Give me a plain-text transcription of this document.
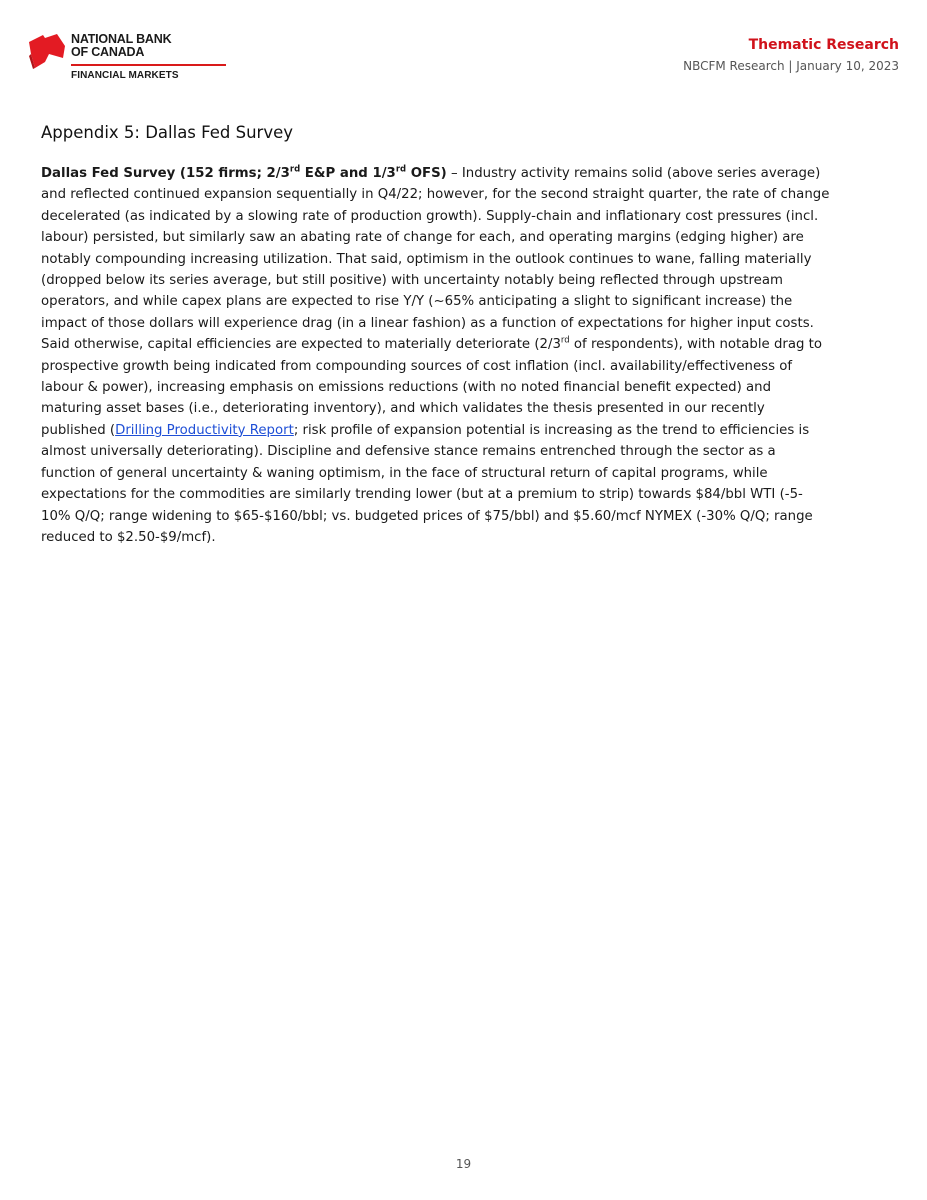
NATIONAL BANK
OF CANADA
FINANCIAL MARKETS
Thematic Research
NBCFM Research | January 10, 2023
Appendix 5: Dallas Fed Survey

Dallas Fed Survey (152 firms; 2/3rd E&P and 1/3rd OFS) – Industry activity remains solid (above series average) and reflected continued expansion sequentially in Q4/22; however, for the second straight quarter, the rate of change decelerated (as indicated by a slowing rate of production growth). Supply-chain and inflationary cost pressures (incl. labour) persisted, but similarly saw an abating rate of change for each, and operating margins (edging higher) are notably compounding increasing utilization. That said, optimism in the outlook continues to wane, falling materially (dropped below its series average, but still positive) with uncertainty notably being reflected through upstream operators, and while capex plans are expected to rise Y/Y (~65% anticipating a slight to significant increase) the impact of those dollars will experience drag (in a linear fashion) as a function of expectations for higher input costs. Said otherwise, capital efficiencies are expected to materially deteriorate (2/3rd of respondents), with notable drag to prospective growth being indicated from compounding sources of cost inflation (incl. availability/effectiveness of labour & power), increasing emphasis on emissions reductions (with no noted financial benefit expected) and maturing asset bases (i.e., deteriorating inventory), and which validates the thesis presented in our recently published (Drilling Productivity Report; risk profile of expansion potential is increasing as the trend to efficiencies is almost universally deteriorating). Discipline and defensive stance remains entrenched through the sector as a function of general uncertainty & waning optimism, in the face of structural return of capital programs, while expectations for the commodities are similarly trending lower (but at a premium to strip) towards $84/bbl WTI (-5-10% Q/Q; range widening to $65-$160/bbl; vs. budgeted prices of $75/bbl) and $5.60/mcf NYMEX (-30% Q/Q; range reduced to $2.50-$9/mcf).

19
